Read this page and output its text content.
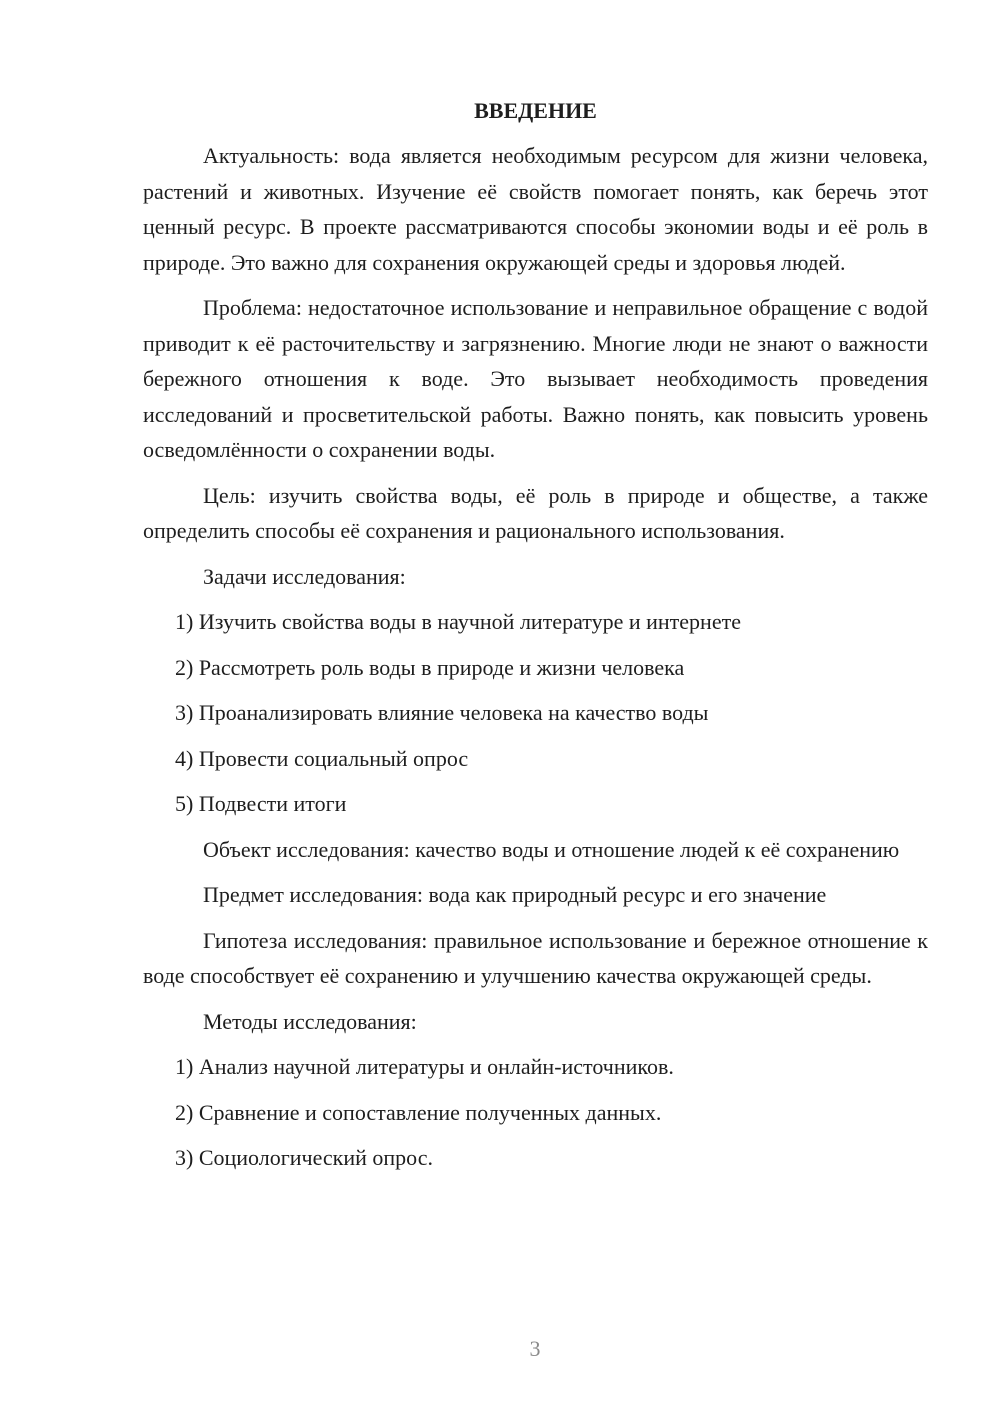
ВВЕДЕНИЕ

Актуальность: вода является необходимым ресурсом для жизни человека, растений и животных. Изучение её свойств помогает понять, как беречь этот ценный ресурс. В проекте рассматриваются способы экономии воды и её роль в природе. Это важно для сохранения окружающей среды и здоровья людей.

Проблема: недостаточное использование и неправильное обращение с водой приводит к её расточительству и загрязнению. Многие люди не знают о важности бережного отношения к воде. Это вызывает необходимость проведения исследований и просветительской работы. Важно понять, как повысить уровень осведомлённости о сохранении воды.

Цель: изучить свойства воды, её роль в природе и обществе, а также определить способы её сохранения и рационального использования.

Задачи исследования:

1) Изучить свойства воды в научной литературе и интернете

2) Рассмотреть роль воды в природе и жизни человека

3) Проанализировать влияние человека на качество воды

4) Провести социальный опрос

5) Подвести итоги

Объект исследования: качество воды и отношение людей к её сохранению

Предмет исследования: вода как природный ресурс и его значение

Гипотеза исследования: правильное использование и бережное отношение к воде способствует её сохранению и улучшению качества окружающей среды.

Методы исследования:

1) Анализ научной литературы и онлайн-источников.

2) Сравнение и сопоставление полученных данных.

3) Социологический опрос.

3
